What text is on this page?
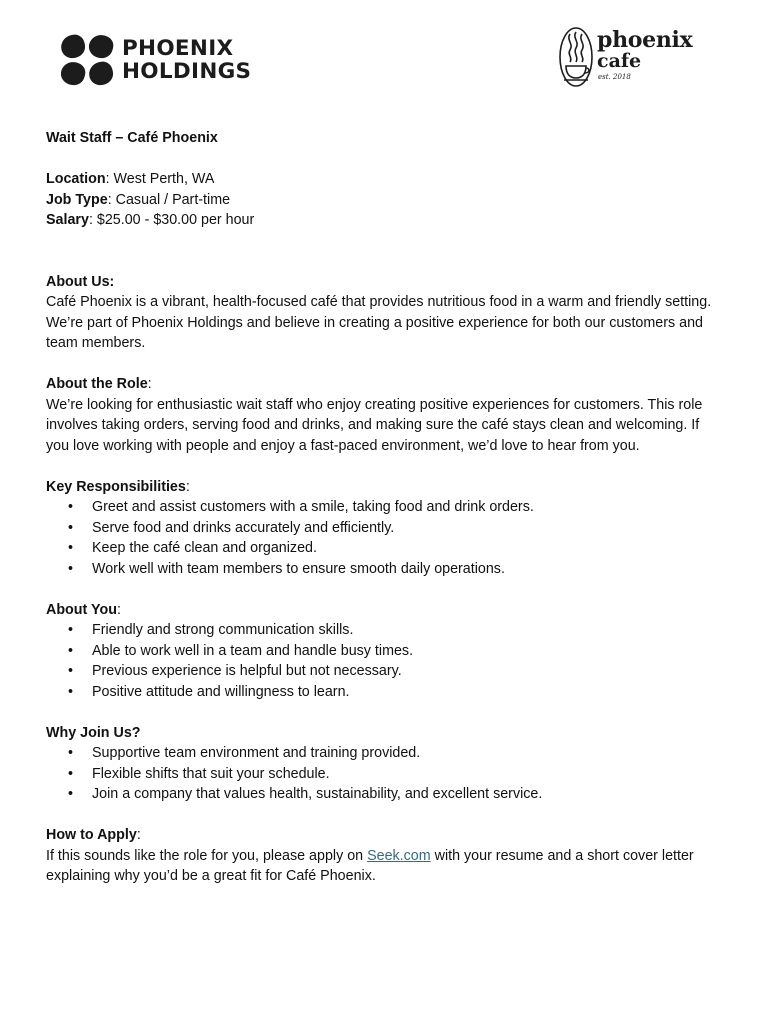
PHOENIX
HOLDINGS
phoenix
cafe
est. 2018

Wait Staff – Café Phoenix

Location: West Perth, WA

Job Type: Casual / Part-time

Salary: $25.00 - $30.00 per hour

About Us:

Café Phoenix is a vibrant, health-focused café that provides nutritious food in a warm and friendly setting. We’re part of Phoenix Holdings and believe in creating a positive experience for both our customers and team members.

About the Role:

We’re looking for enthusiastic wait staff who enjoy creating positive experiences for customers. This role involves taking orders, serving food and drinks, and making sure the café stays clean and welcoming. If you love working with people and enjoy a fast-paced environment, we’d love to hear from you.

Key Responsibilities:

• Greet and assist customers with a smile, taking food and drink orders.
• Serve food and drinks accurately and efficiently.
• Keep the café clean and organized.
• Work well with team members to ensure smooth daily operations.

About You:

• Friendly and strong communication skills.
• Able to work well in a team and handle busy times.
• Previous experience is helpful but not necessary.
• Positive attitude and willingness to learn.

Why Join Us?

• Supportive team environment and training provided.
• Flexible shifts that suit your schedule.
• Join a company that values health, sustainability, and excellent service.

How to Apply:

If this sounds like the role for you, please apply on Seek.com with your resume and a short cover letter explaining why you’d be a great fit for Café Phoenix.
